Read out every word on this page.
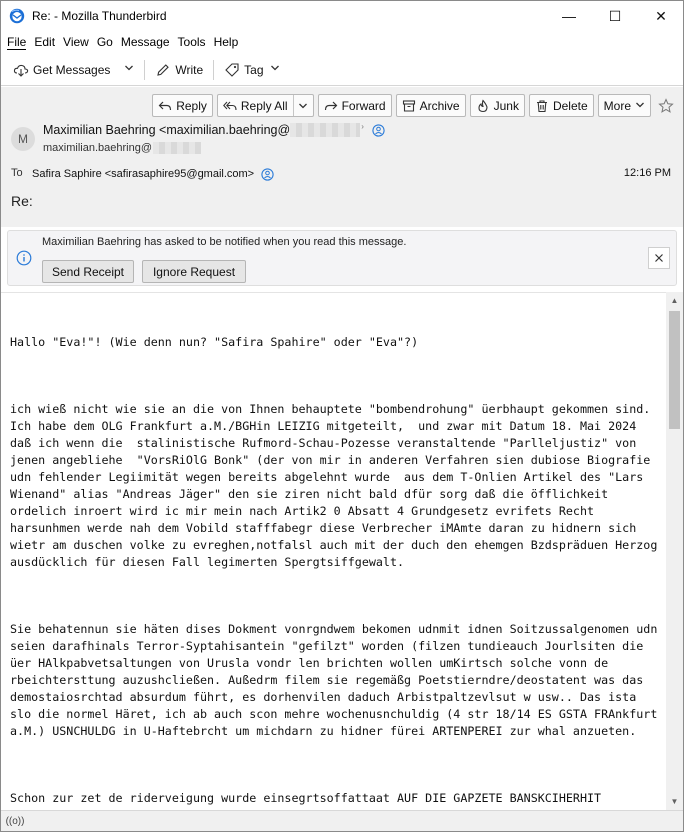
Re: - Mozilla Thunderbird	— ☐ ✕
File Edit View Go Message Tools Help
Get Messages	Write	Tag
Reply	Reply All	Forward	Archive	Junk	Delete More
M
Maximilian Baehring <maximilian.baehring@	›
maximilian.baehring@
To Safira Saphire <safirasaphire95@gmail.com>	12:16 PM
Re:
Maximilian Baehring has asked to be notified when you read this message.
Send Receipt	Ignore Request

Hallo "Eva!"! (Wie denn nun? "Safira Spahire" oder "Eva"?)

ich wieß nicht wie sie an die von Ihnen behauptete "bombendrohung" üerbhaupt gekommen sind. Ich habe dem OLG Frankfurt a.M./BGHin LEIZIG mitgeteilt,  und zwar mit Datum 18. Mai 2024 daß ich wenn die  stalinistische Rufmord-Schau-Pozesse veranstaltende "Parlleljustiz" von jenen angebliehe  "VorsRiOlG Bonk" (der von mir in anderen Verfahren sien dubiose Biografie udn fehlender Legiimität wegen bereits abgelehnt wurde  aus dem T-Onlien Artikel des "Lars Wienand" alias "Andreas Jäger" den sie ziren nicht bald dfür sorg daß die öfflichkeit ordelich inroert wird ic mir mein nach Artik2 0 Absatt 4 Grundgesetz evrifets Recht harsunhmen werde nah dem Vobild stafffabegr diese Verbrecher iMAmte daran zu hidnern sich wietr am duschen volke zu evreghen,notfalsl auch mit der duch den ehemgen Bzdspräduen Herzog ausdücklich für diesen Fall legimerten Spergtsiffgewalt.

Sie behatennun sie häten dises Dokment vonrgndwem bekomen udnmit idnen Soitzussalgenomen udn seien darafhinals Terror-Syptahisantein "gefilzt" worden (filzen tundieauch Jourlsiten die üer HAlkpabvetsaltungen von Urusla vondr len brichten wollen umKirtsch solche vonn de rbeichtersttung auzushcließen. Außedrm filem sie regemäßg Poetstierndre/deostatent was das demostaiosrchtad absurdum führt, es dorhenvilen daduch Arbistpaltzevlsut w usw.. Das ista slo die normel Häret, ich ab auch scon mehre wochenusnchuldig (4 str 18/14 ES GSTA FRAnkfurt a.M.) USNCHULDG in U-Haftebrcht um michdarn zu hidner fürei ARTENPEREI zur whal anzueten.

Schon zur zet de riderveigung wurde einsegrtsoffattaat AUF DIE GAPZETE BANSKCIHERHIT

▲
▼
((o))
